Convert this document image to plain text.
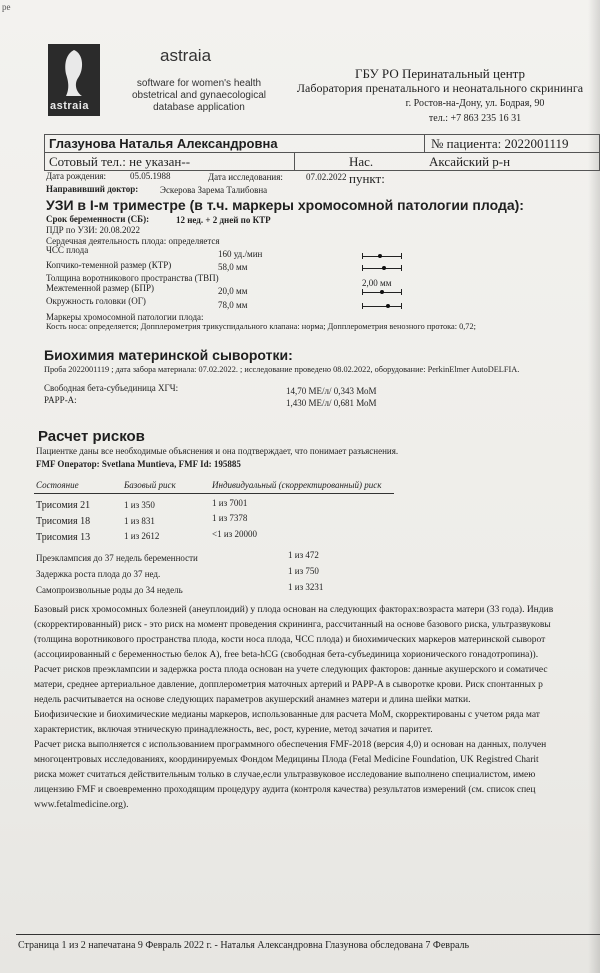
ре
astraia
astraia
software for women's health
obstetrical and gynaecological
database application
ГБУ РО Перинатальный центр
Лаборатория пренатального и неонатального скрининга
г. Ростов-на-Дону, ул. Бодрая, 90
тел.: +7 863 235 16 31
Глазунова Наталья Александровна	№ пациента: 2022001119
Сотовый тел.: не указан--	Нас. пункт:
Аксайский р-н
Дата рождения:	05.05.1988	Дата исследования:	07.02.2022
Направивший доктор: Эскерова Зарема Талибовна
УЗИ в I-м триместре (в т.ч. маркеры хромосомной патологии плода):
Срок беременности (СБ):	12 нед. + 2 дней по КТР
ПДР по УЗИ: 20.08.2022
Сердечная деятельность плода: определяется
ЧСС плода	160 уд./мин
Копчико-теменной размер (КТР)	58,0 мм
Толщина воротникового пространства (ТВП)	2,00 мм
Межтеменной размер (БПР)	20,0 мм
Окружность головки (ОГ)	78,0 мм
Маркеры хромосомной патологии плода:
Кость носа: определяется; Допплерометрия трикуспидального клапана: норма; Допплерометрия венозного протока: 0,72;
Биохимия материнской сыворотки:
Проба 2022001119 ; дата забора материала: 07.02.2022. ; исследование проведено 08.02.2022, оборудование: PerkinElmer AutoDELFIA.
Свободная бета-субъединица ХГЧ:	14,70 МЕ/л/ 0,343 МоМ
PAPP-A:	1,430 МЕ/л/ 0,681 МоМ
Расчет рисков
Пациентке даны все необходимые объяснения и она подтверждает, что понимает разъяснения.
FMF Оператор: Svetlana Muntieva, FMF Id: 195885
Состояние	Базовый риск	Индивидуальный (скорректированный) риск
Трисомия 21	1 из 350	1 из 7001
Трисомия 18	1 из 831	1 из 7378
Трисомия 13	1 из 2612	<1 из 20000
Преэклампсия до 37 недель беременности	1 из 472
Задержка роста плода до 37 нед.	1 из 750
Самопроизвольные роды до 34 недель	1 из 3231
Базовый риск хромосомных болезней (анеуплоидий) у плода основан на следующих факторах:возраста матери (33 года). Индив
(скорректированный) риск - это риск на момент проведения скрининга, рассчитанный на основе базового риска, ультразвуковы
(толщина воротникового пространства плода, кости носа плода, ЧСС плода) и биохимических маркеров материнской сыворот
(ассоциированный с беременностью белок А), free beta-hCG (свободная бета-субъединица хорионического гонадотропина)).
Расчет рисков преэклампсии и задержка роста плода основан на учете следующих факторов: данные акушерского и соматичес
матери, среднее артериальное давление, допплерометрия маточных артерий и PAPP-A в сыворотке крови. Риск спонтанных р
недель расчитывается на основе следующих параметров акушерский анамнез матери и длина шейки матки.
Биофизические и биохимические медианы маркеров, использованные для расчета МоМ, скорректированы с учетом ряда мат
характеристик, включая этническую принадлежность, вес, рост, курение, метод зачатия и паритет.
Расчет риска выполняется с использованием программного обеспечения FMF-2018 (версия 4,0) и основан на данных, получен
многоцентровых исследованиях, координируемых Фондом Медицины Плода (Fetal Medicine Foundation, UK Registred Charit
риска может считаться действительным только в случае,если ультразвуковое исследование выполнено специалистом, имею
лицензию FMF и своевременно проходящим процедуру аудита (контроля качества) результатов измерений (см. список спец
www.fetalmedicine.org).
Страница 1 из 2 напечатана 9 Февраль 2022 г. - Наталья Александровна Глазунова обследована 7 Февраль
